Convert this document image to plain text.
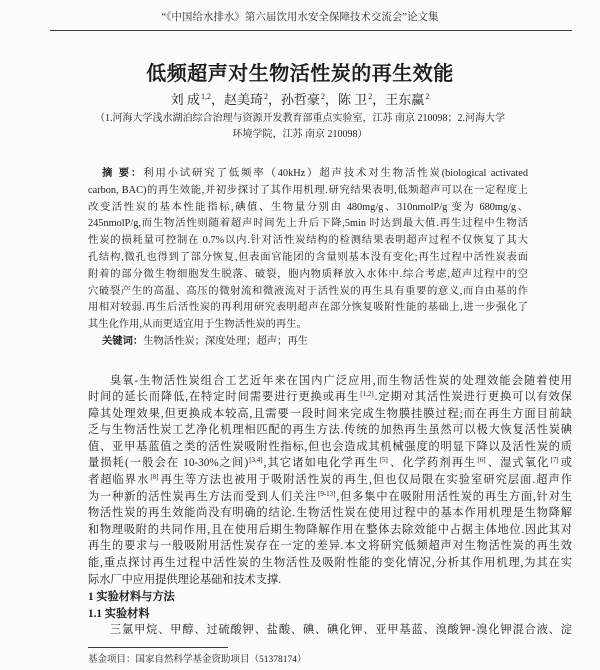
“《中国给水排水》第六届饮用水安全保障技术交流会”论文集
低频超声对生物活性炭的再生效能
刘 成$^{1,2}$，赵美琦$^2$，孙哲豪$^2$，陈 卫$^2$，王东赢$^2$
（1.河海大学浅水湖泊综合治理与资源开发教育部重点实验室，江苏 南京 210098；2.河海大学
环境学院，江苏 南京 210098）
摘 要：利用小试研究了低频率（40kHz）超声技术对生物活性炭(biological activated
carbon, BAC)的再生效能,并初步探讨了其作用机理.研究结果表明,低频超声可以在一定程度上
改变活性炭的基本性能指标,碘值、生物量分别由 480mg/g、310nmolP/g 变为 680mg/g、
245nmolP/g,而生物活性则随着超声时间先上升后下降,5min 时达到最大值.再生过程中生物活
性炭的损耗量可控制在 0.7%以内.针对活性炭结构的检测结果表明超声过程不仅恢复了其大
孔结构,微孔也得到了部分恢复,但表面官能团的含量则基本没有变化;再生过程中活性炭表面
附着的部分微生物细胞发生脱落、破裂，胞内物质释放入水体中.综合考虑,超声过程中的空
穴破裂产生的高温、高压的微射流和微液流对于活性炭的再生具有重要的意义,而自由基的作
用相对较弱.再生后活性炭的再利用研究表明超声在部分恢复吸附性能的基础上,进一步强化了
其生化作用,从而更适宜用于生物活性炭的再生。
关键词：生物活性炭；深度处理；超声；再生
臭氧-生物活性炭组合工艺近年来在国内广泛应用,而生物活性炭的处理效能会随着使用
时间的延长而降低,在特定时间需要进行更换或再生[1,2].定期对其活性炭进行更换可以有效保
障其处理效果,但更换成本较高,且需要一段时间来完成生物膜挂膜过程;而在再生方面目前缺
乏与生物活性炭工艺净化机理相匹配的再生方法.传统的加热再生虽然可以极大恢复活性炭碘
值、亚甲基蓝值之类的活性炭吸附性指标,但也会造成其机械强度的明显下降以及活性炭的质
量损耗(一般会在 10-30%之间)[3,4],其它诸如电化学再生[5]、化学药剂再生[6]、湿式氧化[7]或
者超临界水[8]再生等方法也被用于吸附活性炭的再生,但也仅局限在实验室研究层面.超声作
为一种新的活性炭再生方法而受到人们关注[9-13],但多集中在吸附用活性炭的再生方面,针对生
物活性炭的再生效能尚没有明确的结论.生物活性炭在使用过程中的基本作用机理是生物降解
和物理吸附的共同作用,且在使用后期生物降解作用在整体去除效能中占据主体地位.因此其对
再生的要求与一般吸附用活性炭存在一定的差异.本文将研究低频超声对生物活性炭的再生效
能,重点探讨再生过程中活性炭的生物活性及吸附性能的变化情况,分析其作用机理,为其在实
际水厂中应用提供理论基础和技术支撑.
1 实验材料与方法
1.1 实验材料
三氯甲烷、甲醇、过硫酸钾、盐酸、碘、碘化钾、亚甲基蓝、溴酸钾-溴化钾混合液、淀
基金项目：国家自然科学基金资助项目（51378174）
